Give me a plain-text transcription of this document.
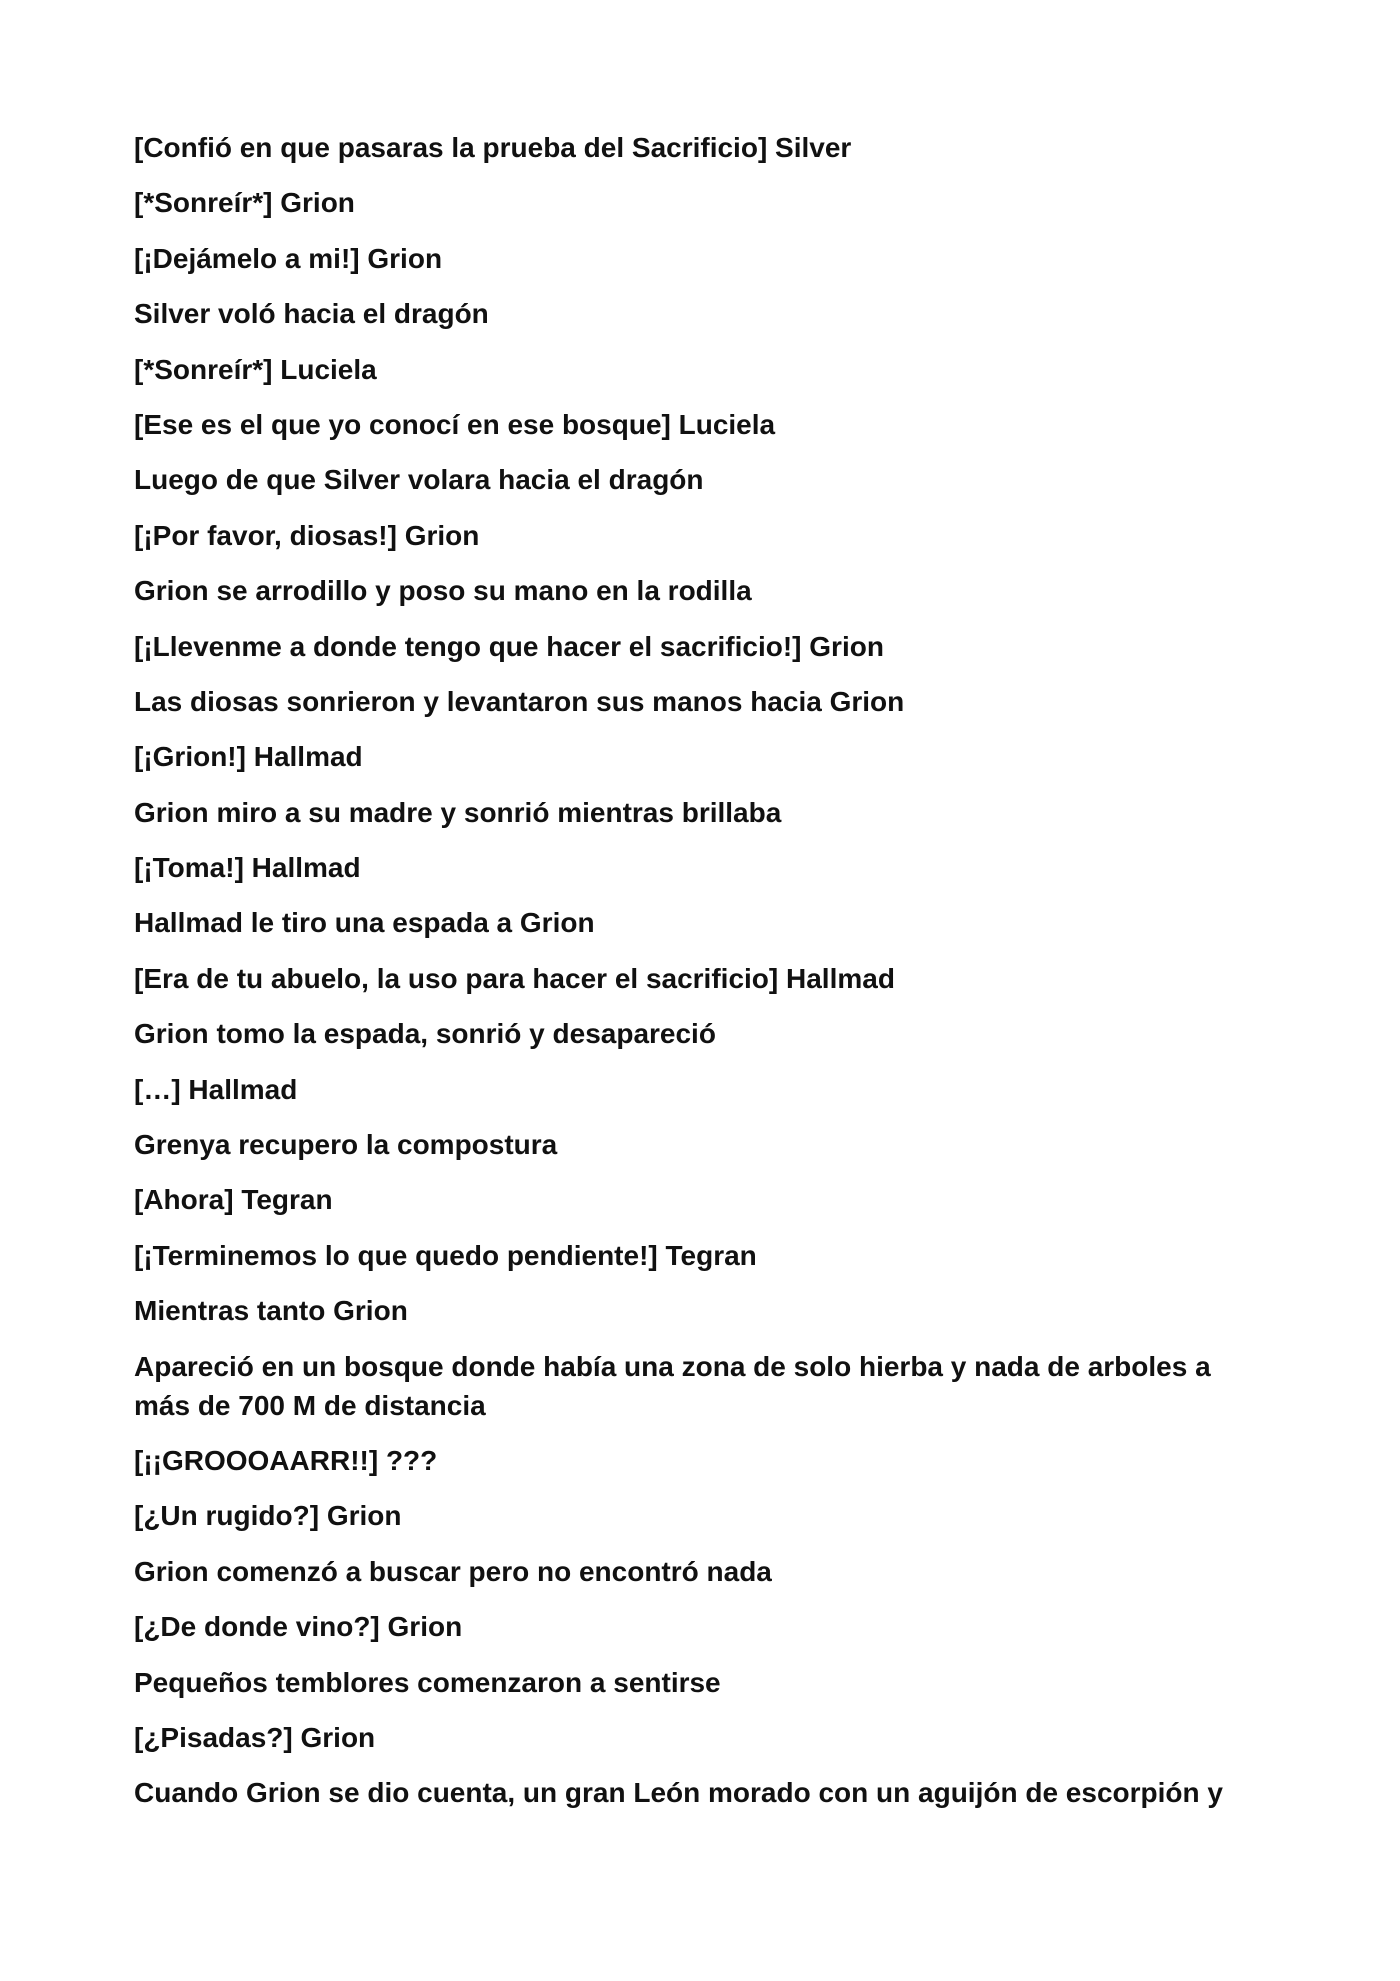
[Confió en que pasaras la prueba del Sacrificio] Silver

[*Sonreír*] Grion

[¡Dejámelo a mi!] Grion

Silver voló hacia el dragón

[*Sonreír*] Luciela

[Ese es el que yo conocí en ese bosque] Luciela

Luego de que Silver volara hacia el dragón

[¡Por favor, diosas!] Grion

Grion se arrodillo y poso su mano en la rodilla

[¡Llevenme a donde tengo que hacer el sacrificio!] Grion

Las diosas sonrieron y levantaron sus manos hacia Grion

[¡Grion!] Hallmad

Grion miro a su madre y sonrió mientras brillaba

[¡Toma!] Hallmad

Hallmad le tiro una espada a Grion

[Era de tu abuelo, la uso para hacer el sacrificio] Hallmad

Grion tomo la espada, sonrió y desapareció

[…] Hallmad

Grenya recupero la compostura

[Ahora] Tegran

[¡Terminemos lo que quedo pendiente!] Tegran

Mientras tanto Grion

Apareció en un bosque donde había una zona de solo hierba y nada de arboles a más de 700 M de distancia

[¡¡GROOOAARR!!] ???

[¿Un rugido?] Grion

Grion comenzó a buscar pero no encontró nada

[¿De donde vino?] Grion

Pequeños temblores comenzaron a sentirse

[¿Pisadas?] Grion

Cuando Grion se dio cuenta, un gran León morado con un aguijón de escorpión y
